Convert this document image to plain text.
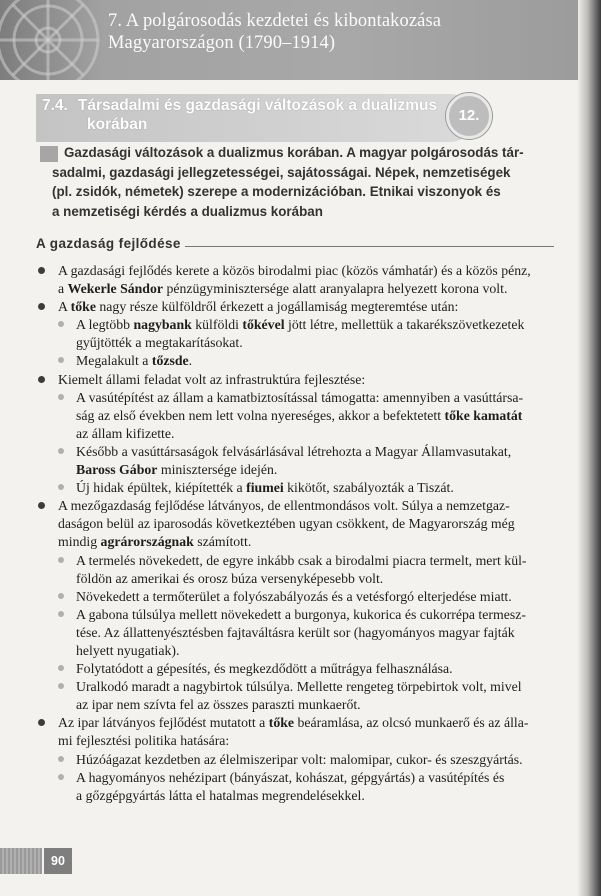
7. A polgárosodás kezdetei és kibontakozása
Magyarországon (1790–1914)
7.4. Társadalmi és gazdasági változások a dualizmus
korában
12.
Gazdasági változások a dualizmus korában. A magyar polgárosodás tár-
sadalmi, gazdasági jellegzetességei, sajátosságai. Népek, nemzetiségek
(pl. zsidók, németek) szerepe a modernizációban. Etnikai viszonyok és
a nemzetiségi kérdés a dualizmus korában
A gazdaság fejlődése
A gazdasági fejlődés kerete a közös birodalmi piac (közös vámhatár) és a közös pénz,
a Wekerle Sándor pénzügyminisztersége alatt aranyalapra helyezett korona volt.
A tőke nagy része külföldről érkezett a jogállamiság megteremtése után:
A legtöbb nagybank külföldi tőkével jött létre, mellettük a takarékszövetkezetek
gyűjtötték a megtakarításokat.
Megalakult a tőzsde.
Kiemelt állami feladat volt az infrastruktúra fejlesztése:
A vasútépítést az állam a kamatbiztosítással támogatta: amennyiben a vasúttársa-
ság az első években nem lett volna nyereséges, akkor a befektetett tőke kamatát
az állam kifizette.
Később a vasúttársaságok felvásárlásával létrehozta a Magyar Államvasutakat,
Baross Gábor minisztersége idején.
Új hidak épültek, kiépítették a fiumei kikötőt, szabályozták a Tiszát.
A mezőgazdaság fejlődése látványos, de ellentmondásos volt. Súlya a nemzetgaz-
daságon belül az iparosodás következtében ugyan csökkent, de Magyarország még
mindig agrárországnak számított.
A termelés növekedett, de egyre inkább csak a birodalmi piacra termelt, mert kül-
földön az amerikai és orosz búza versenyképesebb volt.
Növekedett a termőterület a folyószabályozás és a vetésforgó elterjedése miatt.
A gabona túlsúlya mellett növekedett a burgonya, kukorica és cukorrépa termesz-
tése. Az állattenyésztésben fajtaváltásra került sor (hagyományos magyar fajták
helyett nyugatiak).
Folytatódott a gépesítés, és megkezdődött a műtrágya felhasználása.
Uralkodó maradt a nagybirtok túlsúlya. Mellette rengeteg törpebirtok volt, mivel
az ipar nem szívta fel az összes paraszti munkaerőt.
Az ipar látványos fejlődést mutatott a tőke beáramlása, az olcsó munkaerő és az álla-
mi fejlesztési politika hatására:
Húzóágazat kezdetben az élelmiszeripar volt: malomipar, cukor- és szeszgyártás.
A hagyományos nehézipart (bányászat, kohászat, gépgyártás) a vasútépítés és
a gőzgépgyártás látta el hatalmas megrendelésekkel.
90
